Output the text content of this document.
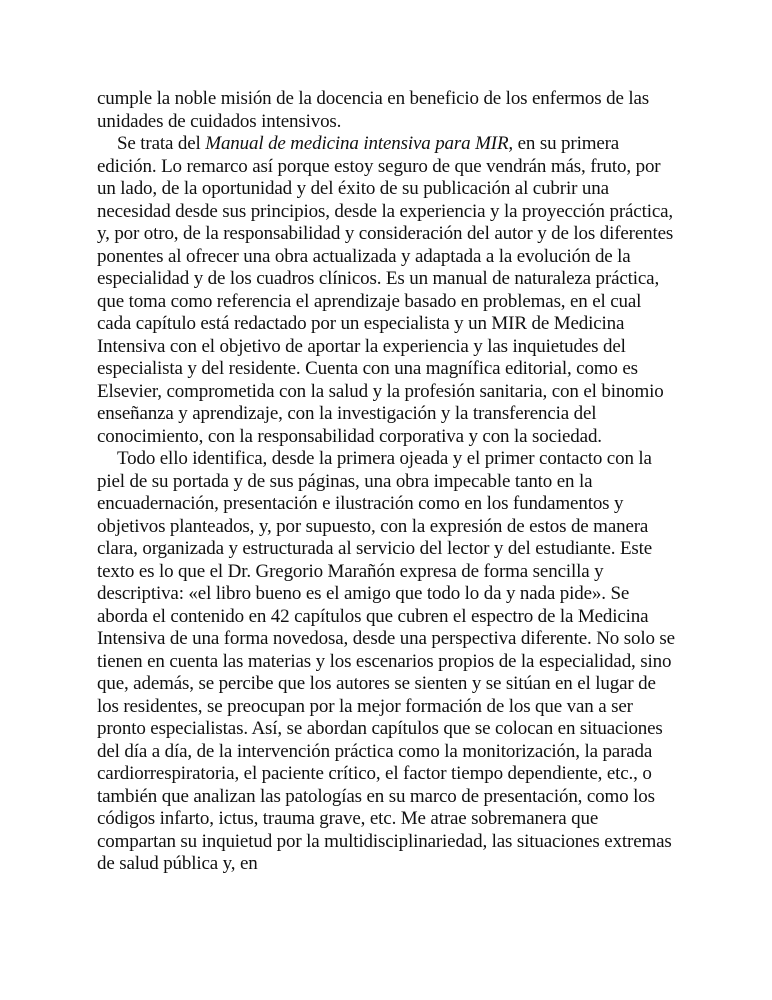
cumple la noble misión de la docencia en beneficio de los enfermos de las unidades de cuidados intensivos.

Se trata del Manual de medicina intensiva para MIR, en su primera edición. Lo remarco así porque estoy seguro de que vendrán más, fruto, por un lado, de la oportunidad y del éxito de su publicación al cubrir una necesidad desde sus principios, desde la experiencia y la proyección práctica, y, por otro, de la responsabilidad y consideración del autor y de los diferentes ponentes al ofrecer una obra actualizada y adaptada a la evolución de la especialidad y de los cuadros clínicos. Es un manual de naturaleza práctica, que toma como referencia el aprendizaje basado en problemas, en el cual cada capítulo está redactado por un especialista y un MIR de Medicina Intensiva con el objetivo de aportar la experiencia y las inquietudes del especialista y del residente. Cuenta con una magnífica editorial, como es Elsevier, comprometida con la salud y la profesión sanitaria, con el binomio enseñanza y aprendizaje, con la investigación y la transferencia del conocimiento, con la responsabilidad corporativa y con la sociedad.

Todo ello identifica, desde la primera ojeada y el primer contacto con la piel de su portada y de sus páginas, una obra impecable tanto en la encuadernación, presentación e ilustración como en los fundamentos y objetivos planteados, y, por supuesto, con la expresión de estos de manera clara, organizada y estructurada al servicio del lector y del estudiante. Este texto es lo que el Dr. Gregorio Marañón expresa de forma sencilla y descriptiva: «el libro bueno es el amigo que todo lo da y nada pide». Se aborda el contenido en 42 capítulos que cubren el espectro de la Medicina Intensiva de una forma novedosa, desde una perspectiva diferente. No solo se tienen en cuenta las materias y los escenarios propios de la especialidad, sino que, además, se percibe que los autores se sienten y se sitúan en el lugar de los residentes, se preocupan por la mejor formación de los que van a ser pronto especialistas. Así, se abordan capítulos que se colocan en situaciones del día a día, de la intervención práctica como la monitorización, la parada cardiorrespiratoria, el paciente crítico, el factor tiempo dependiente, etc., o también que analizan las patologías en su marco de presentación, como los códigos infarto, ictus, trauma grave, etc. Me atrae sobremanera que compartan su inquietud por la multidisciplinariedad, las situaciones extremas de salud pública y, en
